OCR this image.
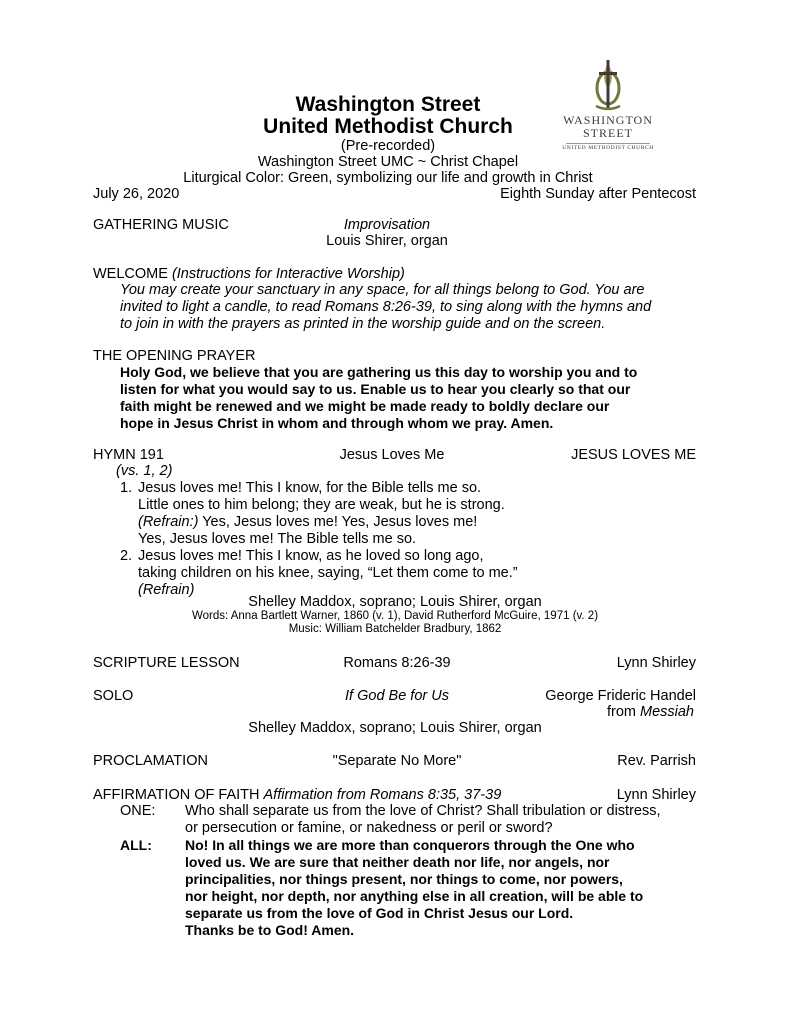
WASHINGTON
STREET
UNITED METHODIST CHURCH
Washington Street
United Methodist Church
(Pre-recorded)
Washington Street UMC ~ Christ Chapel
Liturgical Color: Green, symbolizing our life and growth in Christ
July 26, 2020	Eighth Sunday after Pentecost
GATHERING MUSIC	Improvisation
Louis Shirer, organ
WELCOME (Instructions for Interactive Worship)
You may create your sanctuary in any space, for all things belong to God. You are
invited to light a candle, to read Romans 8:26-39, to sing along with the hymns and
to join in with the prayers as printed in the worship guide and on the screen.
THE OPENING PRAYER
Holy God, we believe that you are gathering us this day to worship you and to
listen for what you would say to us. Enable us to hear you clearly so that our
faith might be renewed and we might be made ready to boldly declare our
hope in Jesus Christ in whom and through whom we pray. Amen.
HYMN 191	Jesus Loves Me	JESUS LOVES ME
(vs. 1, 2)
1. Jesus loves me! This I know, for the Bible tells me so.
Little ones to him belong; they are weak, but he is strong.
(Refrain:) Yes, Jesus loves me! Yes, Jesus loves me!
Yes, Jesus loves me! The Bible tells me so.
2. Jesus loves me! This I know, as he loved so long ago,
taking children on his knee, saying, “Let them come to me.”
(Refrain)
Shelley Maddox, soprano; Louis Shirer, organ
Words: Anna Bartlett Warner, 1860 (v. 1), David Rutherford McGuire, 1971 (v. 2)
Music: William Batchelder Bradbury, 1862
SCRIPTURE LESSON	Romans 8:26-39	Lynn Shirley
SOLO	If God Be for Us	George Frideric Handel
from Messiah
Shelley Maddox, soprano; Louis Shirer, organ
PROCLAMATION	"Separate No More"	Rev. Parrish
AFFIRMATION OF FAITH Affirmation from Romans 8:35, 37-39	Lynn Shirley
ONE: Who shall separate us from the love of Christ? Shall tribulation or distress,
or persecution or famine, or nakedness or peril or sword?
ALL: No! In all things we are more than conquerors through the One who
loved us. We are sure that neither death nor life, nor angels, nor
principalities, nor things present, nor things to come, nor powers,
nor height, nor depth, nor anything else in all creation, will be able to
separate us from the love of God in Christ Jesus our Lord.
Thanks be to God! Amen.
